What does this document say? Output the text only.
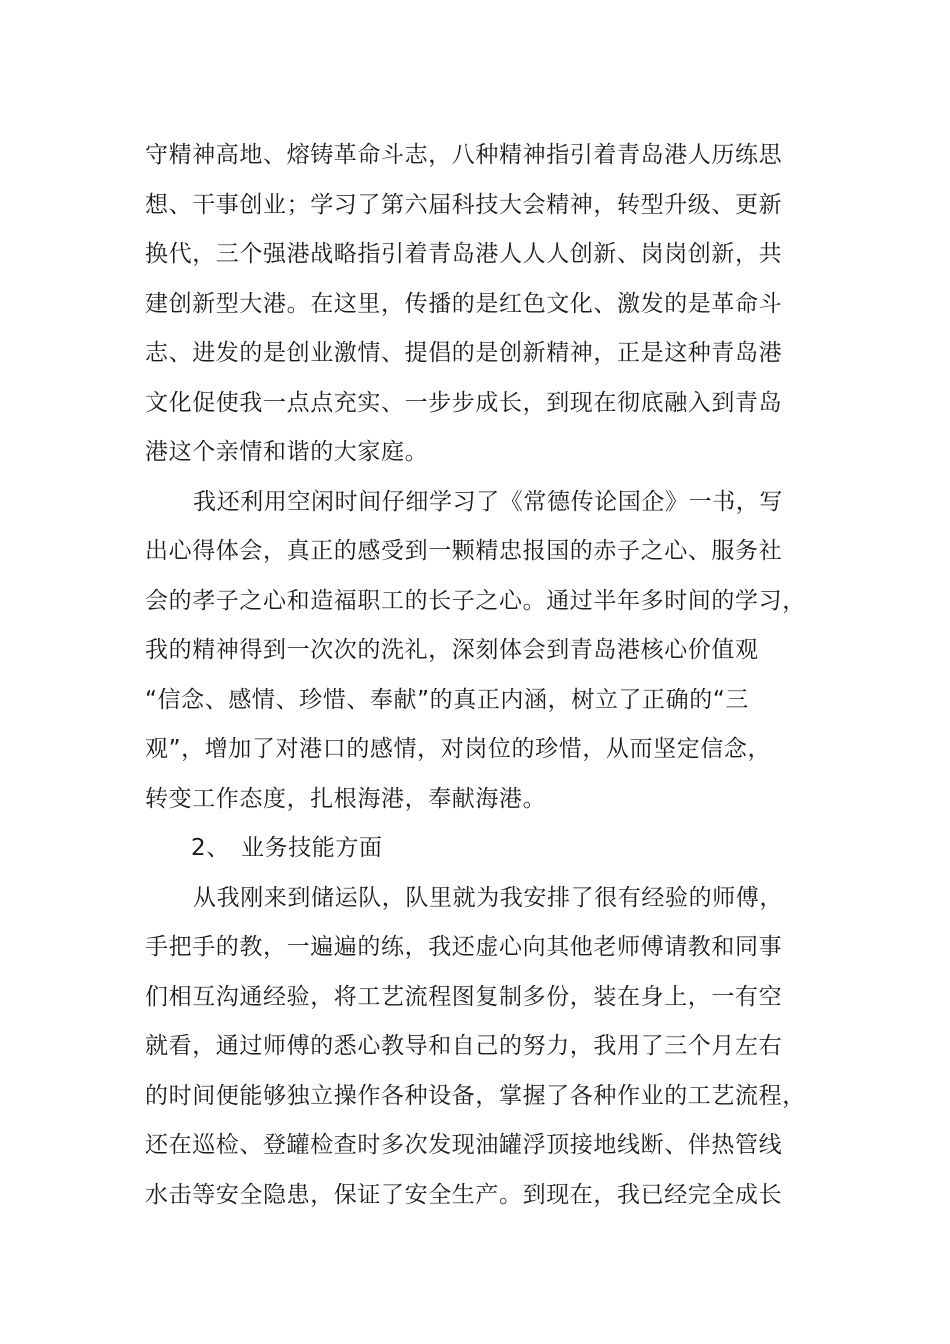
守精神高地、熔铸革命斗志，八种精神指引着青岛港人历练思
想、干事创业；学习了第六届科技大会精神，转型升级、更新
换代，三个强港战略指引着青岛港人人人创新、岗岗创新，共
建创新型大港。在这里，传播的是红色文化、激发的是革命斗
志、进发的是创业激情、提倡的是创新精神，正是这种青岛港
文化促使我一点点充实、一步步成长，到现在彻底融入到青岛
港这个亲情和谐的大家庭。
我还利用空闲时间仔细学习了《常德传论国企》一书，写
出心得体会，真正的感受到一颗精忠报国的赤子之心、服务社
会的孝子之心和造福职工的长子之心。通过半年多时间的学习，
我的精神得到一次次的洗礼，深刻体会到青岛港核心价值观
“信念、感情、珍惜、奉献”的真正内涵，树立了正确的“三
观”，增加了对港口的感情，对岗位的珍惜，从而坚定信念，
转变工作态度，扎根海港，奉献海港。
2、 业务技能方面
从我刚来到储运队，队里就为我安排了很有经验的师傅，
手把手的教，一遍遍的练，我还虚心向其他老师傅请教和同事
们相互沟通经验，将工艺流程图复制多份，装在身上，一有空
就看，通过师傅的悉心教导和自己的努力，我用了三个月左右
的时间便能够独立操作各种设备，掌握了各种作业的工艺流程，
还在巡检、登罐检查时多次发现油罐浮顶接地线断、伴热管线
水击等安全隐患，保证了安全生产。到现在，我已经完全成长
